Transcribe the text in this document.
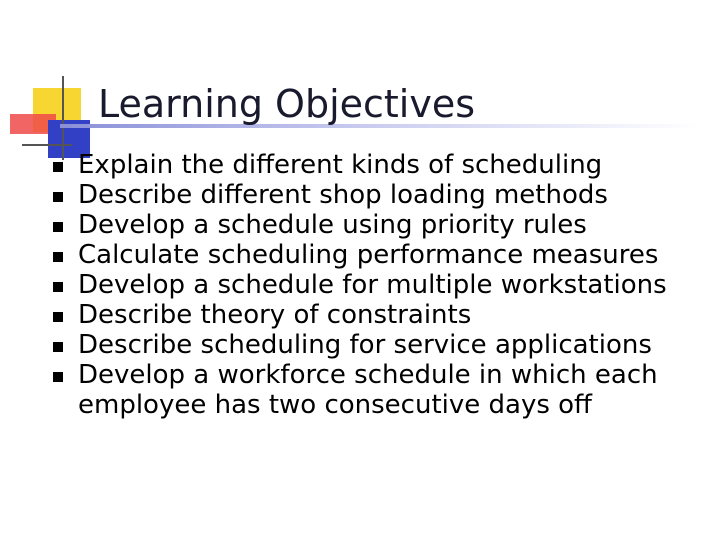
Learning Objectives
Explain the different kinds of scheduling
Describe different shop loading methods
Develop a schedule using priority rules
Calculate scheduling performance measures
Develop a schedule for multiple workstations
Describe theory of constraints
Describe scheduling for service applications
Develop a workforce schedule in which each employee has two consecutive days off
